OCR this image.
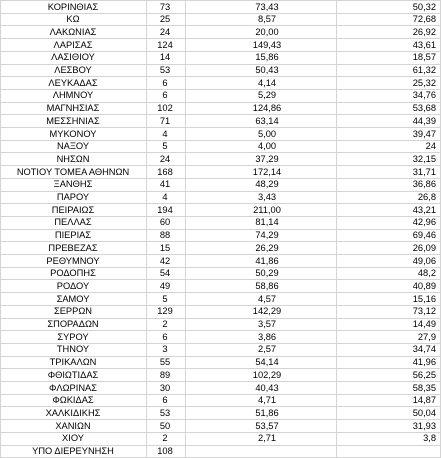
ΚΟΡΙΝΘΙΑΣ	73	73,43	50,32
ΚΩ	25	8,57	72,68
ΛΑΚΩΝΙΑΣ	24	20,00	26,92
ΛΑΡΙΣΑΣ	124	149,43	43,61
ΛΑΣΙΘΙΟΥ	14	15,86	18,57
ΛΕΣΒΟΥ	53	50,43	61,32
ΛΕΥΚΑΔΑΣ	6	4,14	25,32
ΛΗΜΝΟΥ	6	5,29	34,76
ΜΑΓΝΗΣΙΑΣ	102	124,86	53,68
ΜΕΣΣΗΝΙΑΣ	71	63,14	44,39
ΜΥΚΟΝΟΥ	4	5,00	39,47
ΝΑΞΟΥ	5	4,00	24
ΝΗΣΩΝ	24	37,29	32,15
ΝΟΤΙΟΥ ΤΟΜΕΑ ΑΘΗΝΩΝ	168	172,14	31,71
ΞΑΝΘΗΣ	41	48,29	36,86
ΠΑΡΟΥ	4	3,43	26,8
ΠΕΙΡΑΙΩΣ	194	211,00	43,21
ΠΕΛΛΑΣ	60	81,14	42,96
ΠΙΕΡΙΑΣ	88	74,29	69,46
ΠΡΕΒΕΖΑΣ	15	26,29	26,09
ΡΕΘΥΜΝΟΥ	42	41,86	49,06
ΡΟΔΟΠΗΣ	54	50,29	48,2
ΡΟΔΟΥ	49	58,86	40,89
ΣΑΜΟΥ	5	4,57	15,16
ΣΕΡΡΩΝ	129	142,29	73,12
ΣΠΟΡΑΔΩΝ	2	3,57	14,49
ΣΥΡΟΥ	6	3,86	27,9
ΤΗΝΟΥ	3	2,57	34,74
ΤΡΙΚΑΛΩΝ	55	54,14	41,96
ΦΘΙΩΤΙΔΑΣ	89	102,29	56,25
ΦΛΩΡΙΝΑΣ	30	40,43	58,35
ΦΩΚΙΔΑΣ	6	4,71	14,87
ΧΑΛΚΙΔΙΚΗΣ	53	51,86	50,04
ΧΑΝΙΩΝ	50	53,57	31,93
ΧΙΟΥ	2	2,71	3,8
ΥΠΟ ΔΙΕΡΕΥΝΗΣΗ	108
